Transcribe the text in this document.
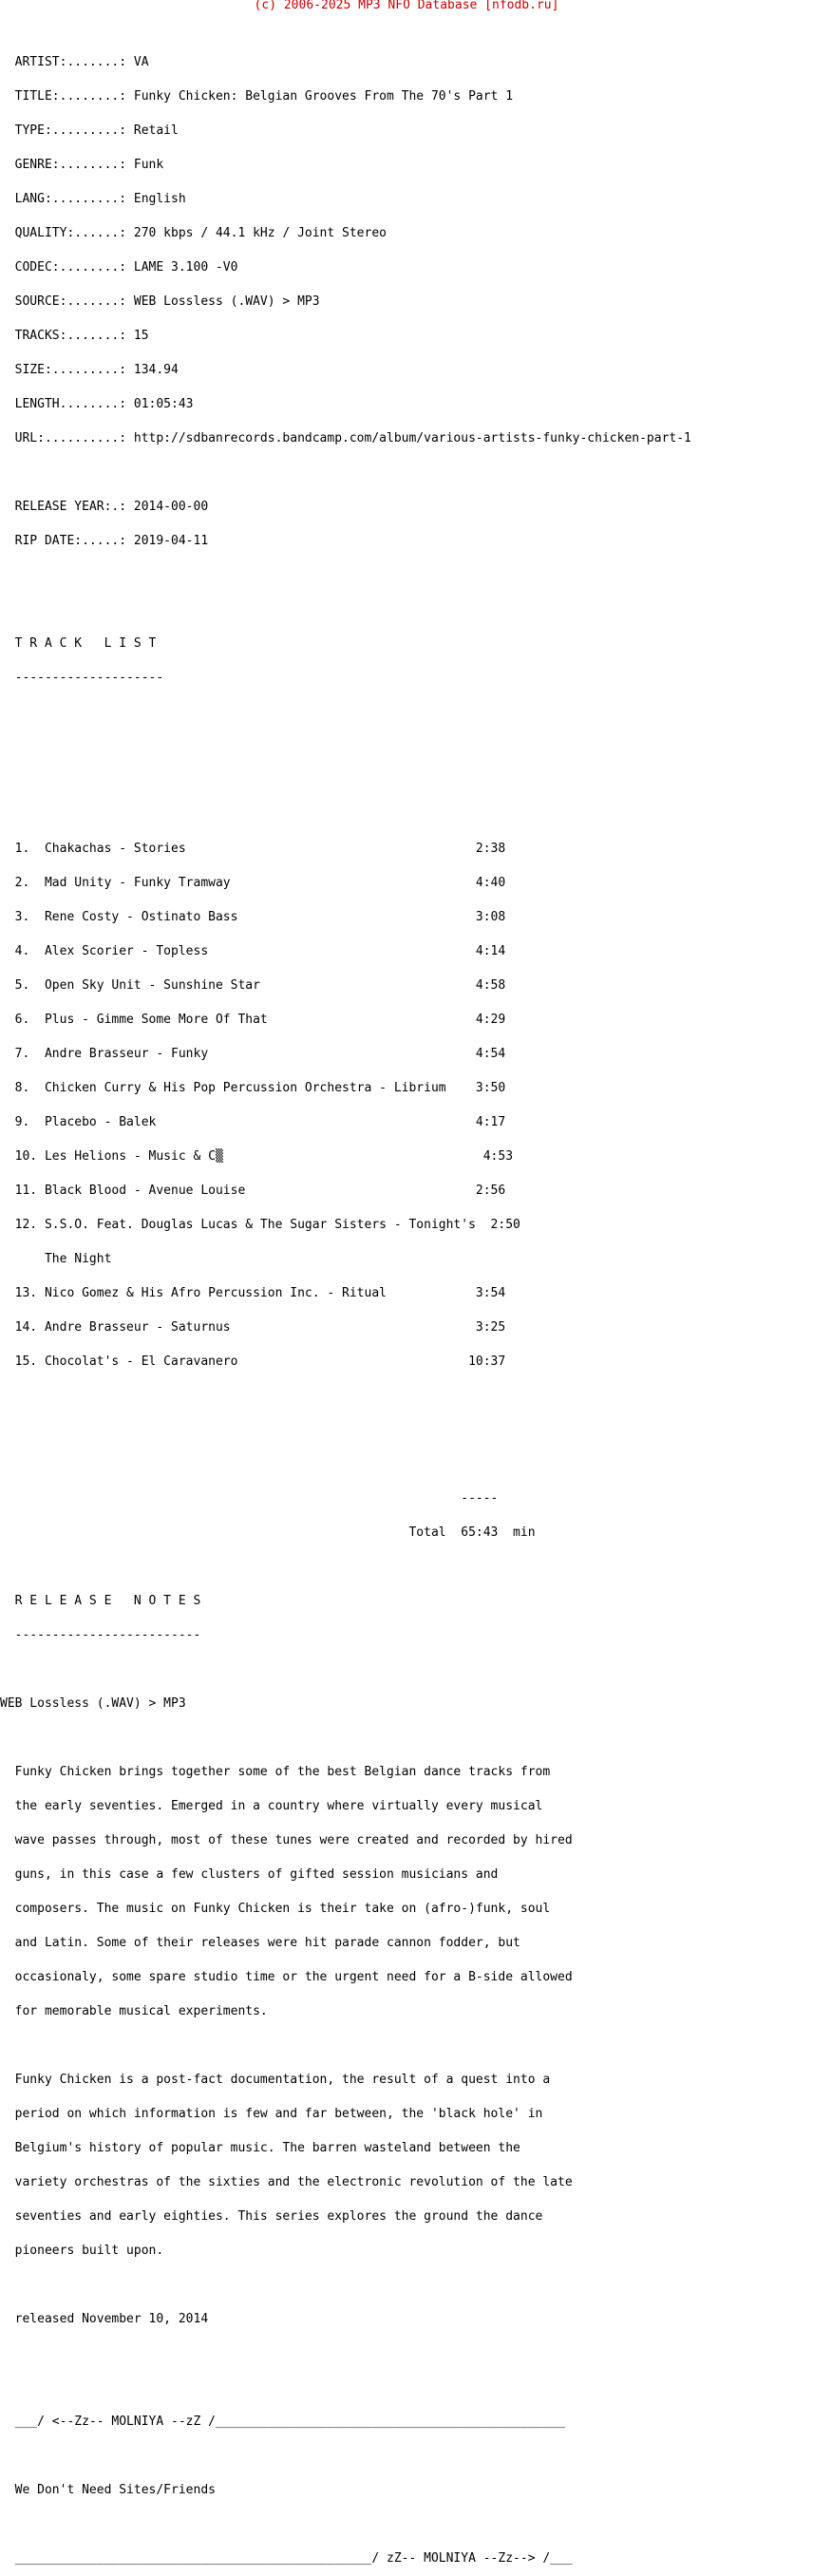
(c) 2006-2025 MP3 NFO Database [nfodb.ru]

ARTIST:.......: VA

TITLE:........: Funky Chicken: Belgian Grooves From The 70's Part 1

TYPE:.........: Retail

GENRE:........: Funk

LANG:.........: English

QUALITY:......: 270 kbps / 44.1 kHz / Joint Stereo

CODEC:........: LAME 3.100 -V0

SOURCE:.......: WEB Lossless (.WAV) > MP3

TRACKS:.......: 15

SIZE:.........: 134.94

LENGTH........: 01:05:43

URL:..........: http://sdbanrecords.bandcamp.com/album/various-artists-funky-chicken-part-1

RELEASE YEAR:.: 2014-00-00

RIP DATE:.....: 2019-04-11

T R A C K   L I S T

--------------------

1.  Chakachas - Stories                                       2:38

2.  Mad Unity - Funky Tramway                                 4:40

3.  Rene Costy - Ostinato Bass                                3:08

4.  Alex Scorier - Topless                                    4:14

5.  Open Sky Unit - Sunshine Star                             4:58

6.  Plus - Gimme Some More Of That                            4:29

7.  Andre Brasseur - Funky                                    4:54

8.  Chicken Curry & His Pop Percussion Orchestra - Librium    3:50

9.  Placebo - Balek                                           4:17

10. Les Helions - Music & C▒                                   4:53

11. Black Blood - Avenue Louise                               2:56

12. S.S.O. Feat. Douglas Lucas & The Sugar Sisters - Tonight's  2:50

The Night

13. Nico Gomez & His Afro Percussion Inc. - Ritual            3:54

14. Andre Brasseur - Saturnus                                 3:25

15. Chocolat's - El Caravanero                               10:37

-----

Total  65:43  min

R E L E A S E   N O T E S

-------------------------

WEB Lossless (.WAV) > MP3

Funky Chicken brings together some of the best Belgian dance tracks from

the early seventies. Emerged in a country where virtually every musical

wave passes through, most of these tunes were created and recorded by hired

guns, in this case a few clusters of gifted session musicians and

composers. The music on Funky Chicken is their take on (afro-)funk, soul

and Latin. Some of their releases were hit parade cannon fodder, but

occasionaly, some spare studio time or the urgent need for a B-side allowed

for memorable musical experiments.

Funky Chicken is a post-fact documentation, the result of a quest into a

period on which information is few and far between, the 'black hole' in

Belgium's history of popular music. The barren wasteland between the

variety orchestras of the sixties and the electronic revolution of the late

seventies and early eighties. This series explores the ground the dance

pioneers built upon.

released November 10, 2014

___/ <--Zz-- MOLNIYA --zZ /_______________________________________________

We Don't Need Sites/Friends

________________________________________________/ zZ-- MOLNIYA --Zz--> /___
